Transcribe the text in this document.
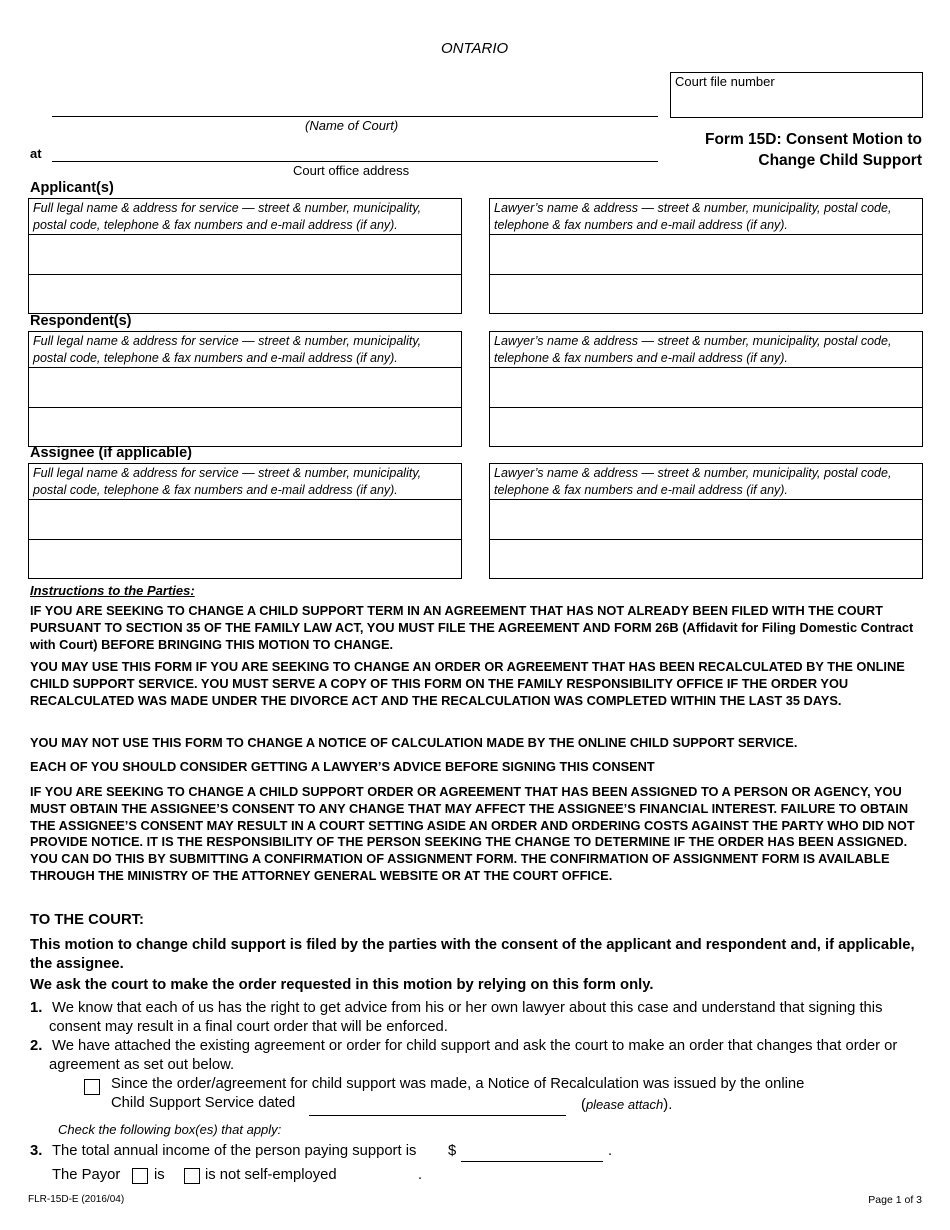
ONTARIO
Court file number
(Name of Court)
at
Court office address
Form 15D: Consent Motion to
Change Child Support
Applicant(s)
Full legal name & address for service — street & number, municipality, postal code, telephone & fax numbers and e-mail address (if any).
Lawyer’s name & address — street & number, municipality, postal code, telephone & fax numbers and e-mail address (if any).
Respondent(s)
Full legal name & address for service — street & number, municipality, postal code, telephone & fax numbers and e-mail address (if any).
Lawyer’s name & address — street & number, municipality, postal code, telephone & fax numbers and e-mail address (if any).
Assignee (if applicable)
Full legal name & address for service — street & number, municipality, postal code, telephone & fax numbers and e-mail address (if any).
Lawyer’s name & address — street & number, municipality, postal code, telephone & fax numbers and e-mail address (if any).
Instructions to the Parties:
IF YOU ARE SEEKING TO CHANGE A CHILD SUPPORT TERM IN AN AGREEMENT THAT HAS NOT ALREADY BEEN FILED WITH THE COURT PURSUANT TO SECTION 35 OF THE FAMILY LAW ACT, YOU MUST FILE THE AGREEMENT AND FORM 26B (Affidavit for Filing Domestic Contract with Court) BEFORE BRINGING THIS MOTION TO CHANGE.
YOU MAY USE THIS FORM IF YOU ARE SEEKING TO CHANGE AN ORDER OR AGREEMENT THAT HAS BEEN RECALCULATED BY THE ONLINE CHILD SUPPORT SERVICE. YOU MUST SERVE A COPY OF THIS FORM ON THE FAMILY RESPONSIBILITY OFFICE IF THE ORDER YOU RECALCULATED WAS MADE UNDER THE DIVORCE ACT AND THE RECALCULATION WAS COMPLETED WITHIN THE LAST 35 DAYS.
YOU MAY NOT USE THIS FORM TO CHANGE A NOTICE OF CALCULATION MADE BY THE ONLINE CHILD SUPPORT SERVICE.
EACH OF YOU SHOULD CONSIDER GETTING A LAWYER’S ADVICE BEFORE SIGNING THIS CONSENT
IF YOU ARE SEEKING TO CHANGE A CHILD SUPPORT ORDER OR AGREEMENT THAT HAS BEEN ASSIGNED TO A PERSON OR AGENCY, YOU MUST OBTAIN THE ASSIGNEE’S CONSENT TO ANY CHANGE THAT MAY AFFECT THE ASSIGNEE’S FINANCIAL INTEREST. FAILURE TO OBTAIN THE ASSIGNEE’S CONSENT MAY RESULT IN A COURT SETTING ASIDE AN ORDER AND ORDERING COSTS AGAINST THE PARTY WHO DID NOT PROVIDE NOTICE. IT IS THE RESPONSIBILITY OF THE PERSON SEEKING THE CHANGE TO DETERMINE IF THE ORDER HAS BEEN ASSIGNED. YOU CAN DO THIS BY SUBMITTING A CONFIRMATION OF ASSIGNMENT FORM. THE CONFIRMATION OF ASSIGNMENT FORM IS AVAILABLE THROUGH THE MINISTRY OF THE ATTORNEY GENERAL WEBSITE OR AT THE COURT OFFICE.
TO THE COURT:
This motion to change child support is filed by the parties with the consent of the applicant and respondent and, if applicable, the assignee.
We ask the court to make the order requested in this motion by relying on this form only.
1. We know that each of us has the right to get advice from his or her own lawyer about this case and understand that signing this consent may result in a final court order that will be enforced.
2. We have attached the existing agreement or order for child support and ask the court to make an order that changes that order or agreement as set out below.
Since the order/agreement for child support was made, a Notice of Recalculation was issued by the online
Child Support Service dated	(please attach).
Check the following box(es) that apply:
3. The total annual income of the person paying support is $	.
The Payor is	is not self-employed	.
FLR-15D-E (2016/04)	Page 1 of 3
